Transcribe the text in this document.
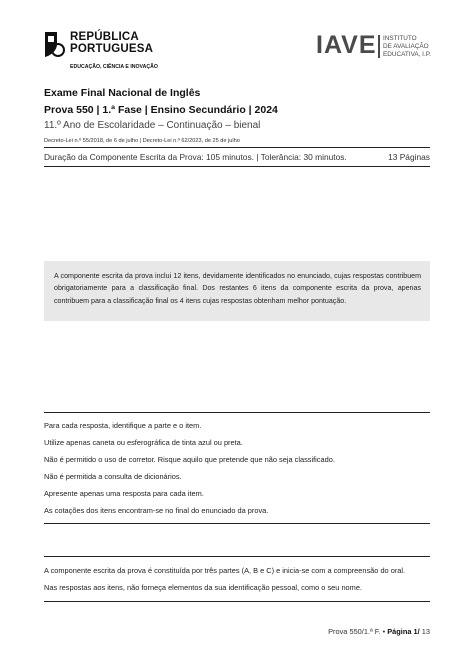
REPÚBLICA
PORTUGUESA
EDUCAÇÃO, CIÊNCIA E INOVAÇÃO
IAVE INSTITUTO
DE AVALIAÇÃO
EDUCATIVA, I.P.
Exame Final Nacional de Inglês
Prova 550 | 1.ª Fase | Ensino Secundário | 2024
11.º Ano de Escolaridade – Continuação – bienal
Decreto-Lei n.º 55/2018, de 6 de julho | Decreto-Lei n.º 62/2023, de 25 de julho
Duração da Componente Escrita da Prova: 105 minutos. | Tolerância: 30 minutos.	13 Páginas

A componente escrita da prova inclui 12 itens, devidamente identificados no enunciado, cujas respostas contribuem obrigatoriamente para a classificação final. Dos restantes 6 itens da componente escrita da prova, apenas contribuem para a classificação final os 4 itens cujas respostas obtenham melhor pontuação.

Para cada resposta, identifique a parte e o item.
Utilize apenas caneta ou esferográfica de tinta azul ou preta.
Não é permitido o uso de corretor. Risque aquilo que pretende que não seja classificado.
Não é permitida a consulta de dicionários.
Apresente apenas uma resposta para cada item.
As cotações dos itens encontram-se no final do enunciado da prova.
A componente escrita da prova é constituída por três partes (A, B e C) e inicia-se com a compreensão do oral.
Nas respostas aos itens, não forneça elementos da sua identificação pessoal, como o seu nome.
Prova 550/1.ª F. • Página 1/ 13
